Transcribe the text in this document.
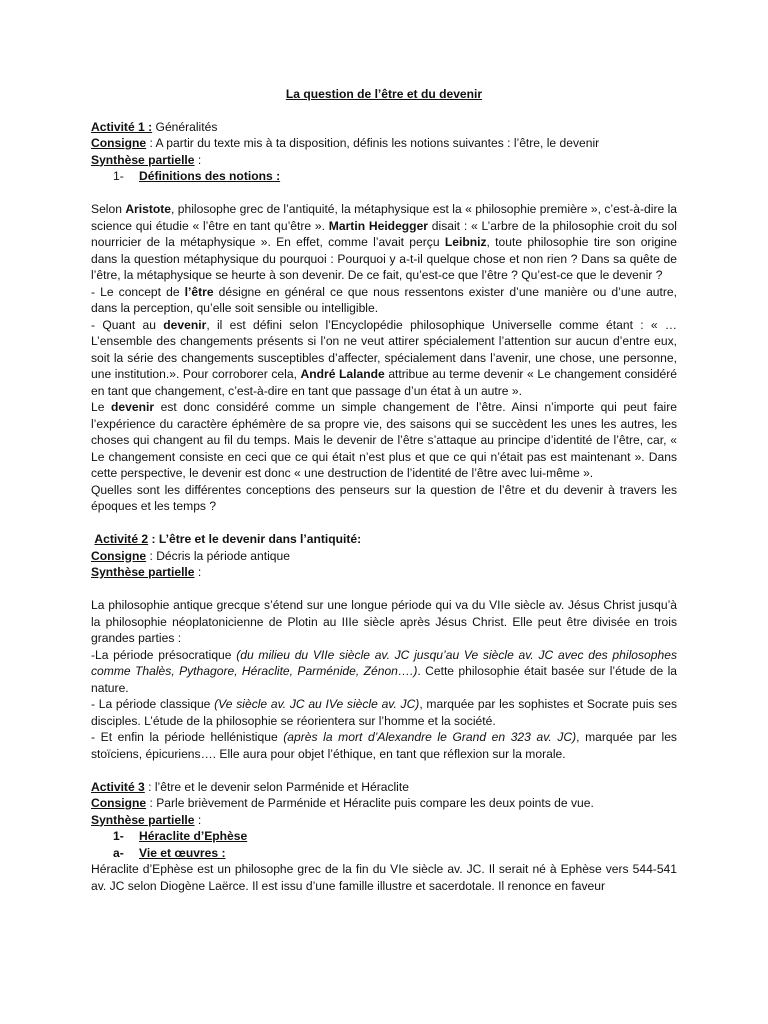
La question de l’être et du devenir
Activité 1 : Généralités
Consigne : A partir du texte mis à ta disposition, définis les notions suivantes : l’être, le devenir
Synthèse partielle :
1- Définitions des notions :

Selon Aristote, philosophe grec de l’antiquité, la métaphysique est la « philosophie première », c’est-à-dire la science qui étudie « l’être en tant qu’être ». Martin Heidegger disait : « L’arbre de la philosophie croit du sol nourricier de la métaphysique ». En effet, comme l’avait perçu Leibniz, toute philosophie tire son origine dans la question métaphysique du pourquoi : Pourquoi y a-t-il quelque chose et non rien ? Dans sa quête de l’être, la métaphysique se heurte à son devenir. De ce fait, qu’est-ce que l’être ? Qu’est-ce que le devenir ?

- Le concept de l’être désigne en général ce que nous ressentons exister d’une manière ou d’une autre, dans la perception, qu’elle soit sensible ou intelligible.

- Quant au devenir, il est défini selon l’Encyclopédie philosophique Universelle comme étant : « …L’ensemble des changements présents si l’on ne veut attirer spécialement l’attention sur aucun d’entre eux, soit la série des changements susceptibles d’affecter, spécialement dans l’avenir, une chose, une personne, une institution.». Pour corroborer cela, André Lalande attribue au terme devenir « Le changement considéré en tant que changement, c’est-à-dire en tant que passage d’un état à un autre ».

Le devenir est donc considéré comme un simple changement de l’être. Ainsi n’importe qui peut faire l’expérience du caractère éphémère de sa propre vie, des saisons qui se succèdent les unes les autres, les choses qui changent au fil du temps. Mais le devenir de l’être s’attaque au principe d’identité de l’être, car, « Le changement consiste en ceci que ce qui était n’est plus et que ce qui n’était pas est maintenant ». Dans cette perspective, le devenir est donc « une destruction de l’identité de l’être avec lui-même ».

Quelles sont les différentes conceptions des penseurs sur la question de l’être et du devenir à travers les époques et les temps ?

Activité 2 : L’être et le devenir dans l’antiquité:
Consigne : Décris la période antique
Synthèse partielle :

La philosophie antique grecque s’étend sur une longue période qui va du VIIe siècle av. Jésus Christ jusqu’à la philosophie néoplatonicienne de Plotin au IIIe siècle après Jésus Christ. Elle peut être divisée en trois grandes parties :

-La période présocratique (du milieu du VIIe siècle av. JC jusqu’au Ve siècle av. JC avec des philosophes comme Thalès, Pythagore, Héraclite, Parménide, Zénon….). Cette philosophie était basée sur l’étude de la nature.

- La période classique (Ve siècle av. JC au IVe siècle av. JC), marquée par les sophistes et Socrate puis ses disciples. L’étude de la philosophie se réorientera sur l’homme et la société.

- Et enfin la période hellénistique (après la mort d’Alexandre le Grand en 323 av. JC), marquée par les stoïciens, épicuriens…. Elle aura pour objet l’éthique, en tant que réflexion sur la morale.

Activité 3 : l’être et le devenir selon Parménide et Héraclite
Consigne : Parle brièvement de Parménide et Héraclite puis compare les deux points de vue.
Synthèse partielle :
1- Héraclite d’Ephèse
a- Vie et œuvres :

Héraclite d’Ephèse est un philosophe grec de la fin du VIe siècle av. JC. Il serait né à Ephèse vers 544-541 av. JC selon Diogène Laërce. Il est issu d’une famille illustre et sacerdotale. Il renonce en faveur
